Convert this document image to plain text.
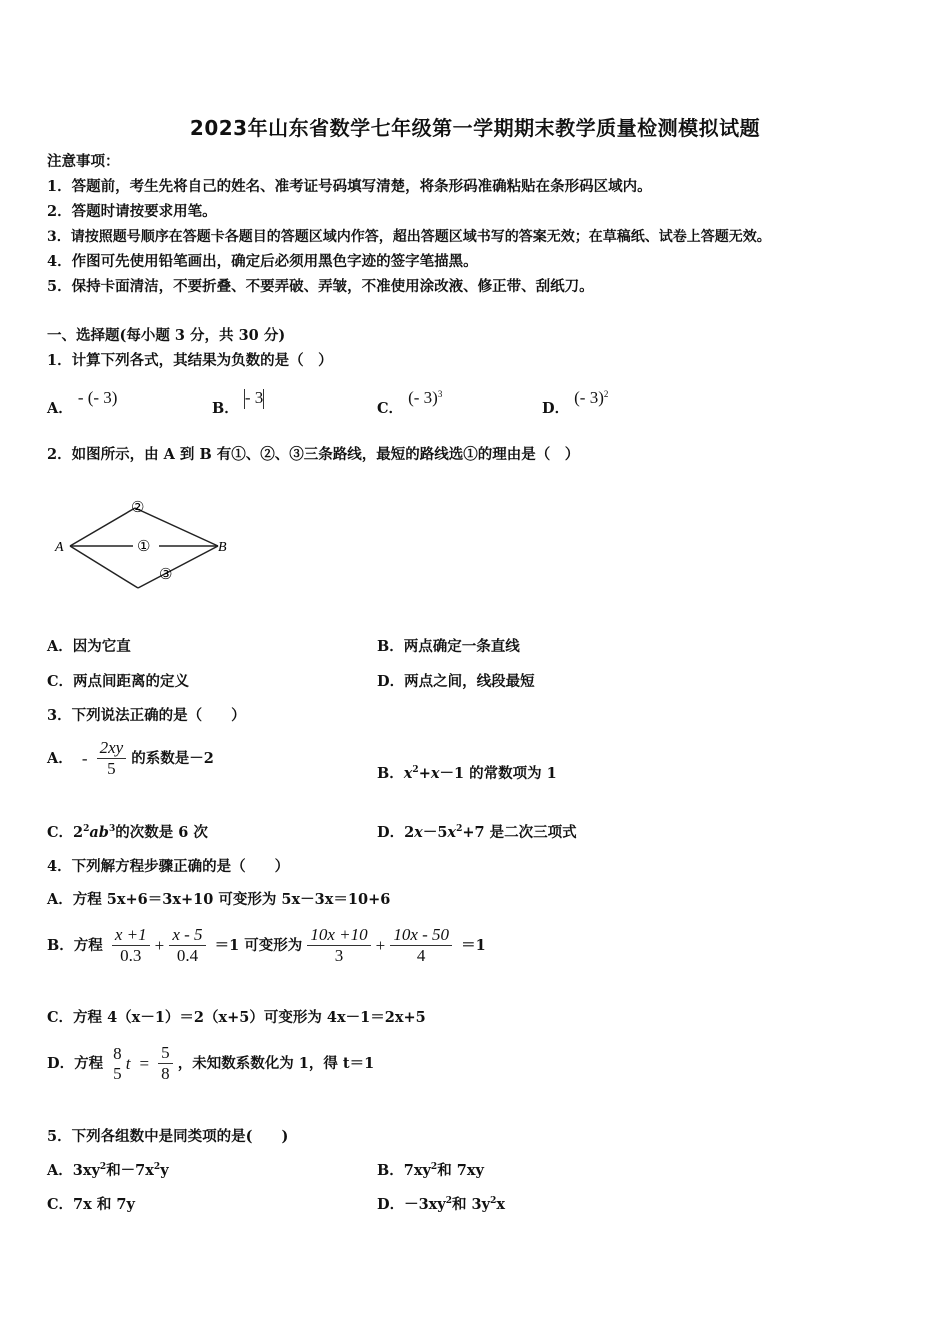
2023年山东省数学七年级第一学期期末教学质量检测模拟试题
注意事项：
1．答题前，考生先将自己的姓名、准考证号码填写清楚，将条形码准确粘贴在条形码区域内。
2．答题时请按要求用笔。
3．请按照题号顺序在答题卡各题目的答题区域内作答，超出答题区域书写的答案无效；在草稿纸、试卷上答题无效。
4．作图可先使用铅笔画出，确定后必须用黑色字迹的签字笔描黑。
5．保持卡面清洁，不要折叠、不要弄破、弄皱，不准使用涂改液、修正带、刮纸刀。
一、选择题(每小题 3 分，共 30 分)
1．计算下列各式，其结果为负数的是（　）
A． - (- 3)
B． - 3
C． (- 3)$^3$
D． (- 3)$^2$
2．如图所示，由 A 到 B 有①、②、③三条路线，最短的路线选①的理由是（　）
A	B
①
②
③
A．因为它直	B．两点确定一条直线
C．两点间距离的定义	D．两点之间，线段最短
3．下列说法正确的是（　　）
A． - $\frac{2xy}{5}$ 的系数是－2
B．$x^2+x-1$ 的常数项为 1
C．$2^2ab^3$的次数是 6 次	D．$2x-5x^2+7$ 是二次三项式
4．下列解方程步骤正确的是（　　）
A．方程 5x+6＝3x+10 可变形为 5x－3x＝10+6
B．方程 $\frac{x +1}{0.3} + \frac{x - 5}{0.4} =1$ 可变形为 $\frac{10x +10}{3} + \frac{10x - 50}{4} =1$
C．方程 4（x－1）＝2（x+5）可变形为 4x－1＝2x+5
D．方程
8
5
$t = \frac{5}{8}$ ，未知数系数化为 1，得 t＝1
5．下列各组数中是同类项的是(　　)
A．$3xy^2$和$-7x^2y$	B．$7xy^2$和 7xy
C．7x 和 7y	D．$-3xy^2$和 $3y^2x$
